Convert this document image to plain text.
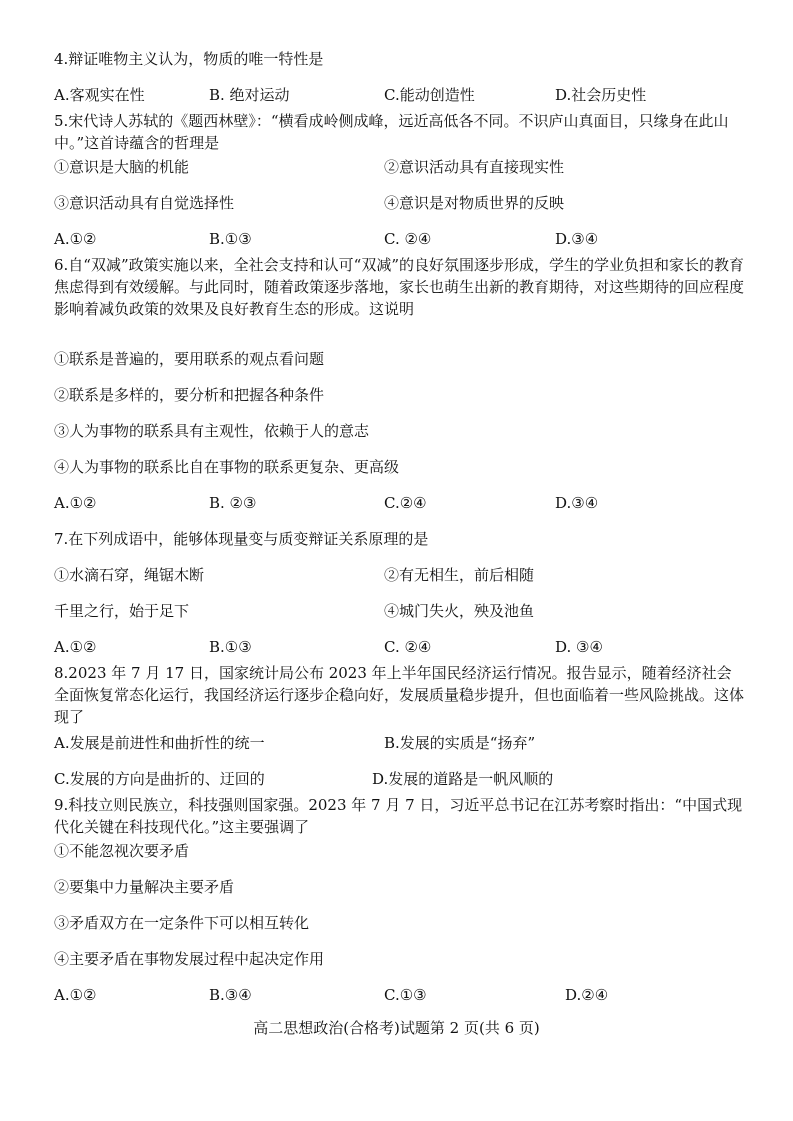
4.辩证唯物主义认为，物质的唯一特性是
A.客观实在性	B. 绝对运动	C.能动创造性	D.社会历史性
5.宋代诗人苏轼的《题西林壁》：“横看成岭侧成峰，远近高低各不同。不识庐山真面目，只缘身在此山中。”这首诗蕴含的哲理是
①意识是大脑的机能	②意识活动具有直接现实性
③意识活动具有自觉选择性	④意识是对物质世界的反映
A.①②	B.①③	C. ②④	D.③④
6.自“双减”政策实施以来，全社会支持和认可“双减”的良好氛围逐步形成，学生的学业负担和家长的教育焦虑得到有效缓解。与此同时，随着政策逐步落地，家长也萌生出新的教育期待，对这些期待的回应程度影响着减负政策的效果及良好教育生态的形成。这说明
①联系是普遍的，要用联系的观点看问题
②联系是多样的，要分析和把握各种条件
③人为事物的联系具有主观性，依赖于人的意志
④人为事物的联系比自在事物的联系更复杂、更高级
A.①②	B. ②③	C.②④	D.③④
7.在下列成语中，能够体现量变与质变辩证关系原理的是
①水滴石穿，绳锯木断	②有无相生，前后相随
千里之行，始于足下	④城门失火，殃及池鱼
A.①②	B.①③	C. ②④	D. ③④
8.2023 年 7 月 17 日，国家统计局公布 2023 年上半年国民经济运行情况。报告显示，随着经济社会全面恢复常态化运行，我国经济运行逐步企稳向好，发展质量稳步提升，但也面临着一些风险挑战。这体现了
A.发展是前进性和曲折性的统一	B.发展的实质是“扬弃”
C.发展的方向是曲折的、迂回的	D.发展的道路是一帆风顺的
9.科技立则民族立，科技强则国家强。2023 年 7 月 7 日，习近平总书记在江苏考察时指出：“中国式现代化关键在科技现代化。”这主要强调了
①不能忽视次要矛盾
②要集中力量解决主要矛盾
③矛盾双方在一定条件下可以相互转化
④主要矛盾在事物发展过程中起决定作用
A.①②	B.③④	C.①③	D.②④
高二思想政治(合格考)试题第 2 页(共 6 页)
